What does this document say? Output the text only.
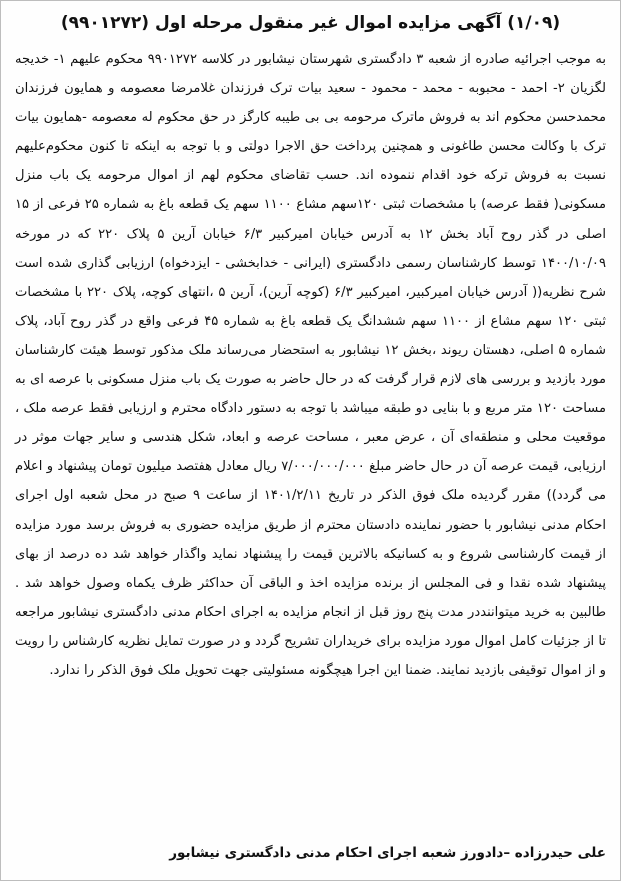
(۱/۰۹) آگهی مزایده اموال غیر منقول مرحله اول (۹۹۰۱۲۷۲)

به موجب اجرائیه صادره از شعبه ۳ دادگستری شهرستان نیشابور در کلاسه ۹۹۰۱۲۷۲ محکوم علیهم ۱- خدیجه لگزیان ۲- احمد - محبوبه - محمد - محمود - سعید بیات ترک فرزندان غلامرضا معصومه و همایون فرزندان محمدحسن محکوم اند به فروش ماترک مرحومه بی بی طیبه کارگز در حق محکوم له معصومه -همایون بیات ترک با وکالت محسن طاغونی و همچنین پرداخت حق الاجرا دولتی و با توجه به اینکه تا کنون محکوم‌علیهم نسبت به فروش ترکه خود اقدام ننموده اند. حسب تقاضای محکوم لهم از اموال مرحومه یک باب منزل مسکونی( فقط عرصه) با مشخصات ثبتی ۱۲۰سهم مشاع ۱۱۰۰ سهم یک قطعه باغ به شماره ۲۵ فرعی از ۱۵ اصلی در گذر روح آباد بخش ۱۲ به آدرس خیابان امیرکبیر ۶/۳ خیابان آرین ۵ پلاک ۲۲۰ که در مورخه ۱۴۰۰/۱۰/۰۹ توسط کارشناسان رسمی دادگستری (ایرانی - خدابخشی - ایزدخواه) ارزیابی گذاری شده است شرح نظریه(( آدرس خیابان امیرکبیر، امیرکبیر ۶/۳ (کوچه آرین)، آرین ۵ ،انتهای کوچه، پلاک ۲۲۰ با مشخصات ثبتی ۱۲۰ سهم مشاع از ۱۱۰۰ سهم ششدانگ یک قطعه باغ به شماره ۴۵ فرعی واقع در گذر روح آباد، پلاک شماره ۵ اصلی، دهستان ریوند ،بخش ۱۲ نیشابور به استحضار می‌رساند ملک مذکور توسط هیئت کارشناسان مورد بازدید و بررسی های لازم قرار گرفت که در حال حاضر به صورت یک باب منزل مسکونی با عرصه ای به مساحت ۱۲۰ متر مربع و با بنایی دو طبقه میباشد با توجه به دستور دادگاه محترم و ارزیابی فقط عرصه ملک ، موقعیت محلی و منطقه‌ای آن ، عرض معبر ، مساحت عرصه و ابعاد، شکل هندسی و سایر جهات موثر در ارزیابی، قیمت عرصه آن در حال حاضر مبلغ ۷/۰۰۰/۰۰۰/۰۰۰ ریال معادل هفتصد میلیون تومان پیشنهاد و اعلام می گردد)) مقرر گردیده ملک فوق الذکر در تاریخ ۱۴۰۱/۲/۱۱ از ساعت ۹ صبح در محل شعبه اول اجرای احکام مدنی نیشابور با حضور نماینده دادستان محترم از طریق مزایده حضوری به فروش برسد مورد مزایده از قیمت کارشناسی شروع و به کسانیکه بالاترین قیمت را پیشنهاد نماید واگذار خواهد شد ده درصد از بهای پیشنهاد شده نقدا و فی المجلس از برنده مزایده اخذ و الباقی آن حداکثر ظرف یکماه وصول خواهد شد . طالبین به خرید میتواننددر مدت پنج روز قبل از انجام مزایده به اجرای احکام مدنی دادگستری نیشابور مراجعه تا از جزئیات کامل اموال مورد مزایده برای خریداران تشریح گردد و در صورت تمایل نظریه کارشناس را رویت و از اموال توقیفی بازدید نمایند. ضمنا این اجرا هیچگونه مسئولیتی جهت تحویل ملک فوق الذکر را ندارد.

علی حیدرزاده –دادورز شعبه اجرای احکام مدنی دادگستری نیشابور
